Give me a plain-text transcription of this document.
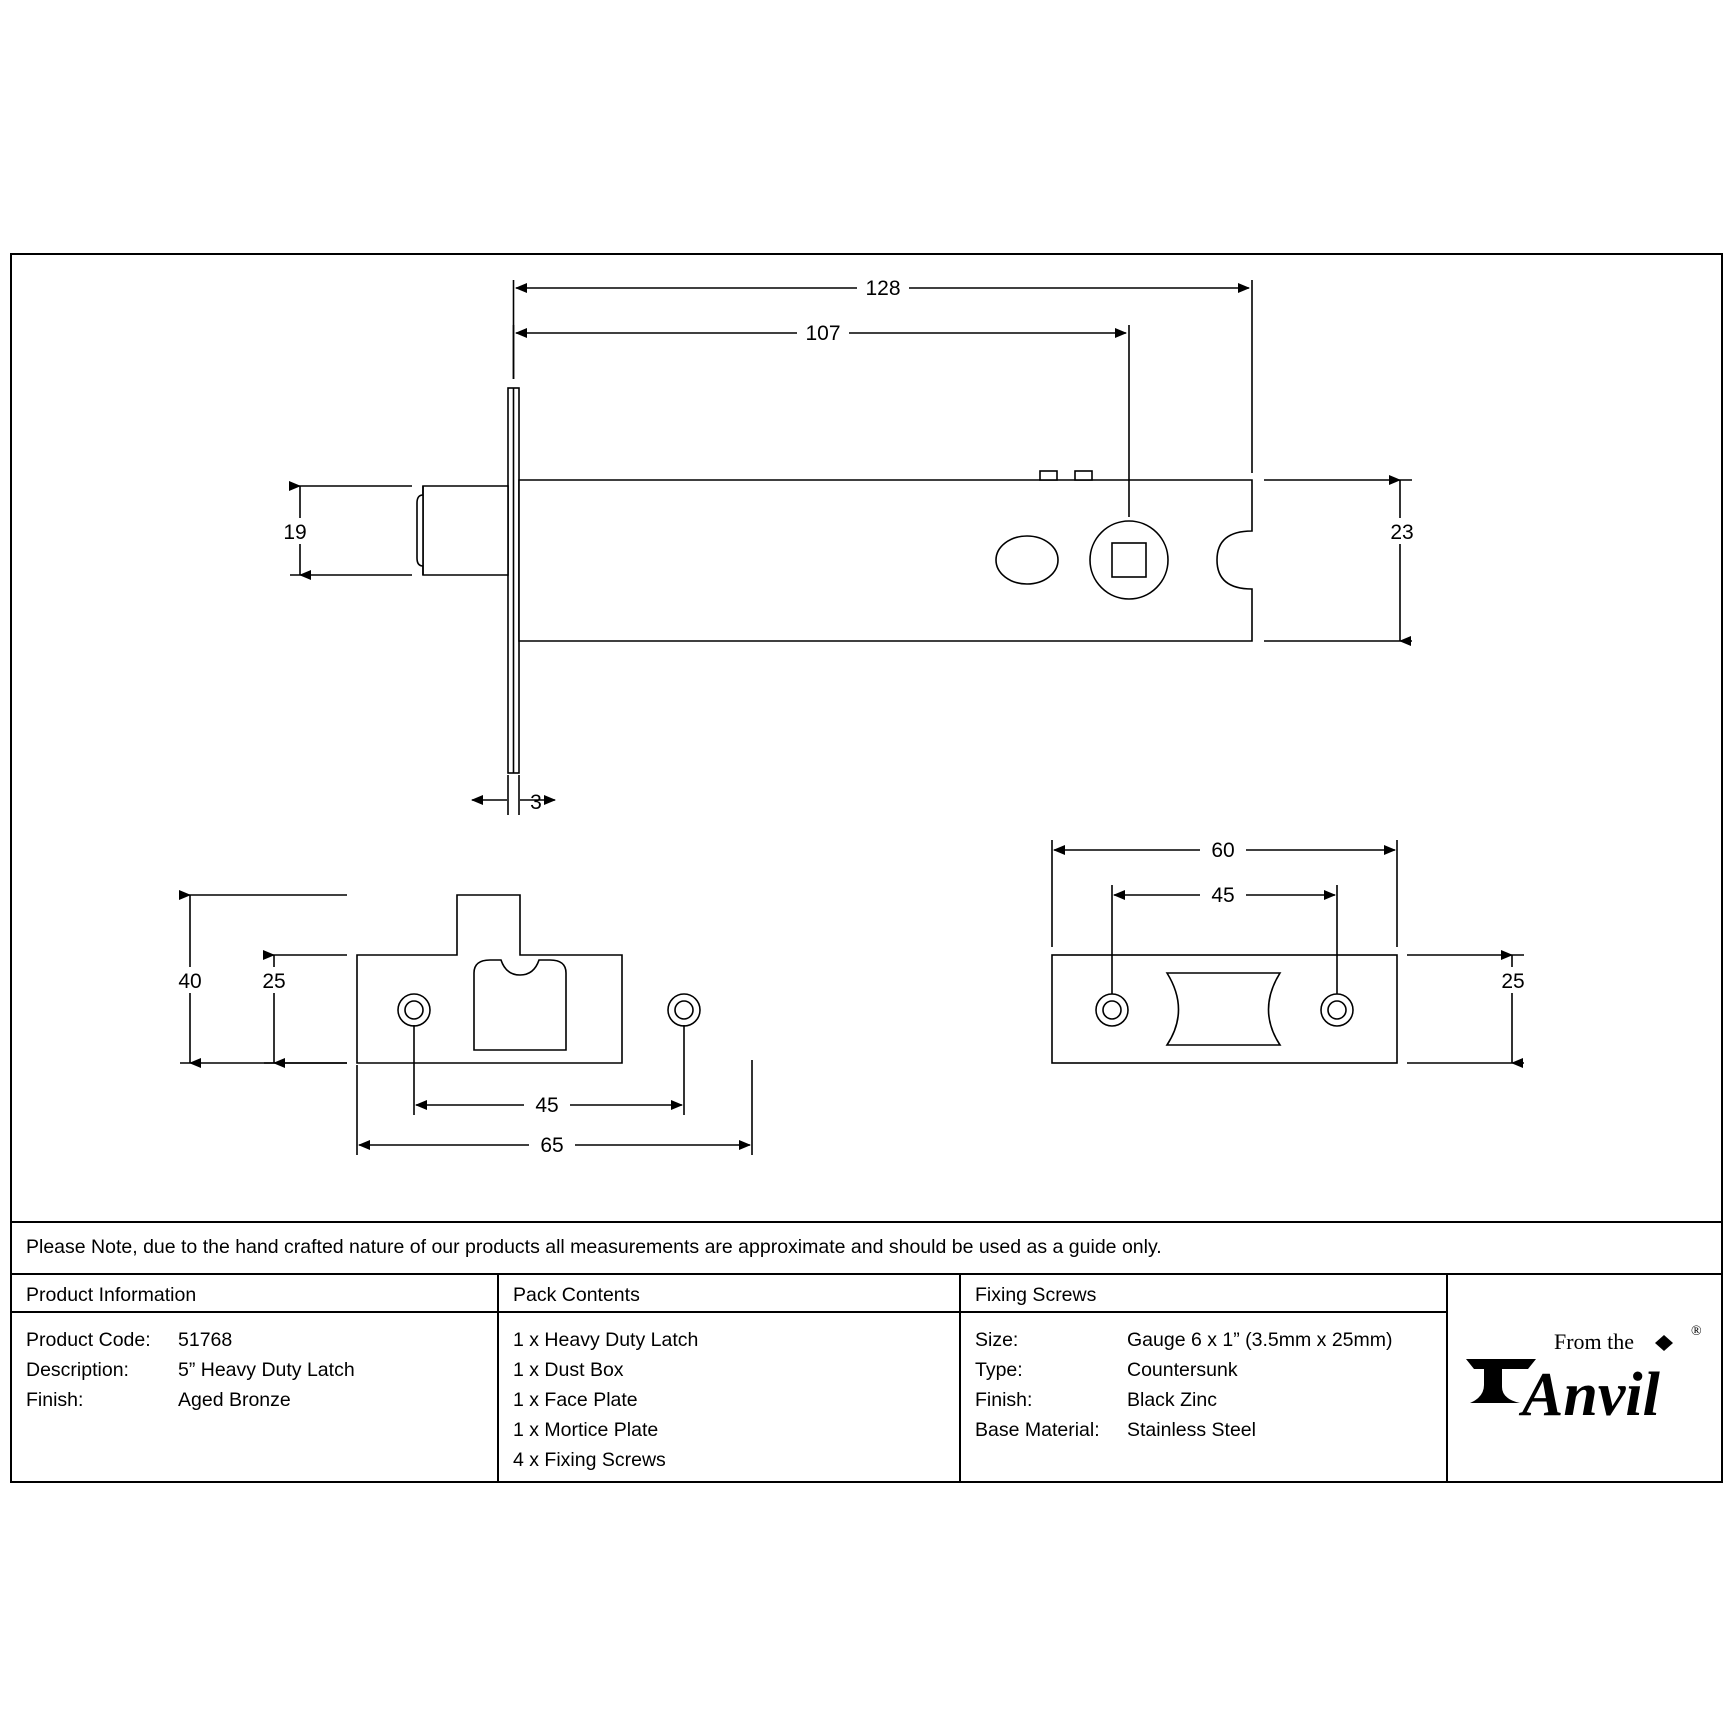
128
107
19	23
3
40	25
45
65
60
45
25
Please Note, due to the hand crafted nature of our products all measurements are approximate and should be used as a guide only.
Product Information
Product Code:	51768
Description:	5” Heavy Duty Latch
Finish:	Aged Bronze
Pack Contents
1 x Heavy Duty Latch
1 x Dust Box
1 x Face Plate
1 x Mortice Plate
4 x Fixing Screws
Fixing Screws
Size:	Gauge 6 x 1” (3.5mm x 25mm)
Type:	Countersunk
Finish:	Black Zinc
Base Material:	Stainless Steel
From the	®
Anvil
